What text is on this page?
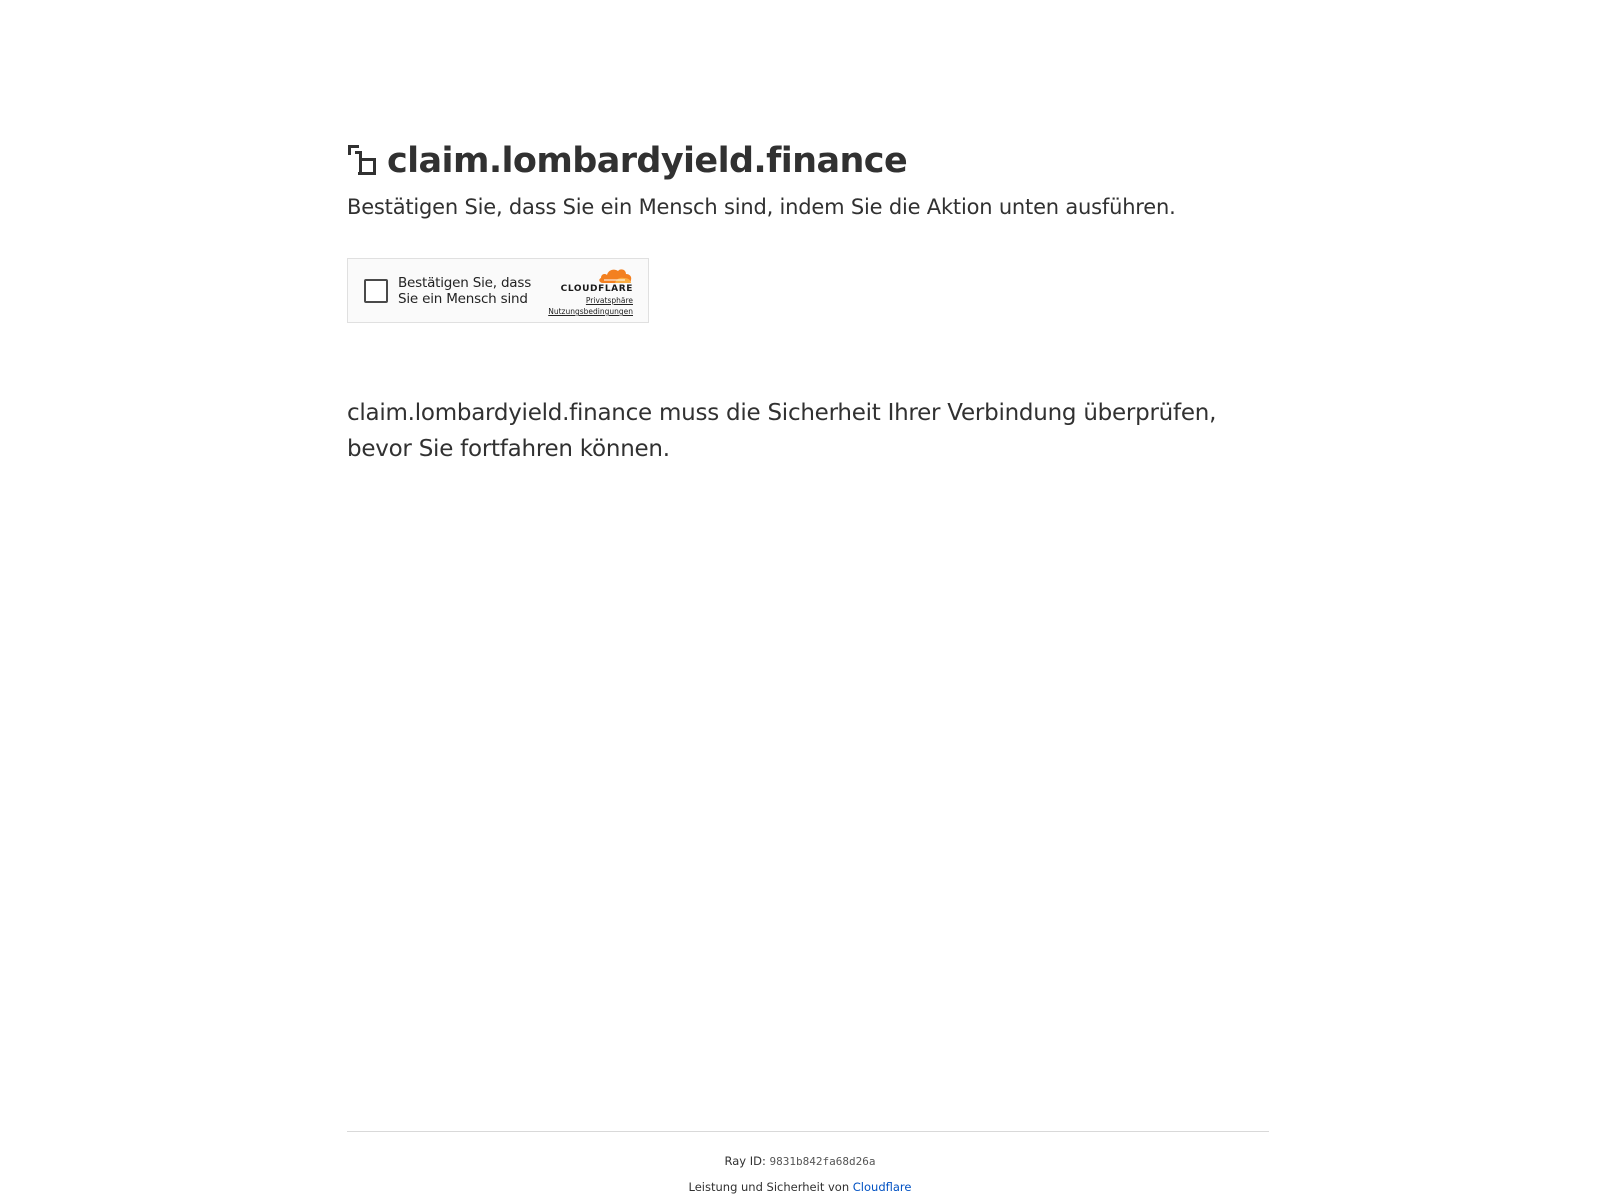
claim.lombardyield.finance

Bestätigen Sie, dass Sie ein Mensch sind, indem Sie die Aktion unten ausführen.

Bestätigen Sie, dass Sie ein Mensch sind
CLOUDFLARE
Privatsphäre
Nutzungsbedingungen

claim.lombardyield.finance muss die Sicherheit Ihrer Verbindung überprüfen, bevor Sie fortfahren können.

Ray ID: 9831b842fa68d26a
Leistung und Sicherheit von Cloudflare
